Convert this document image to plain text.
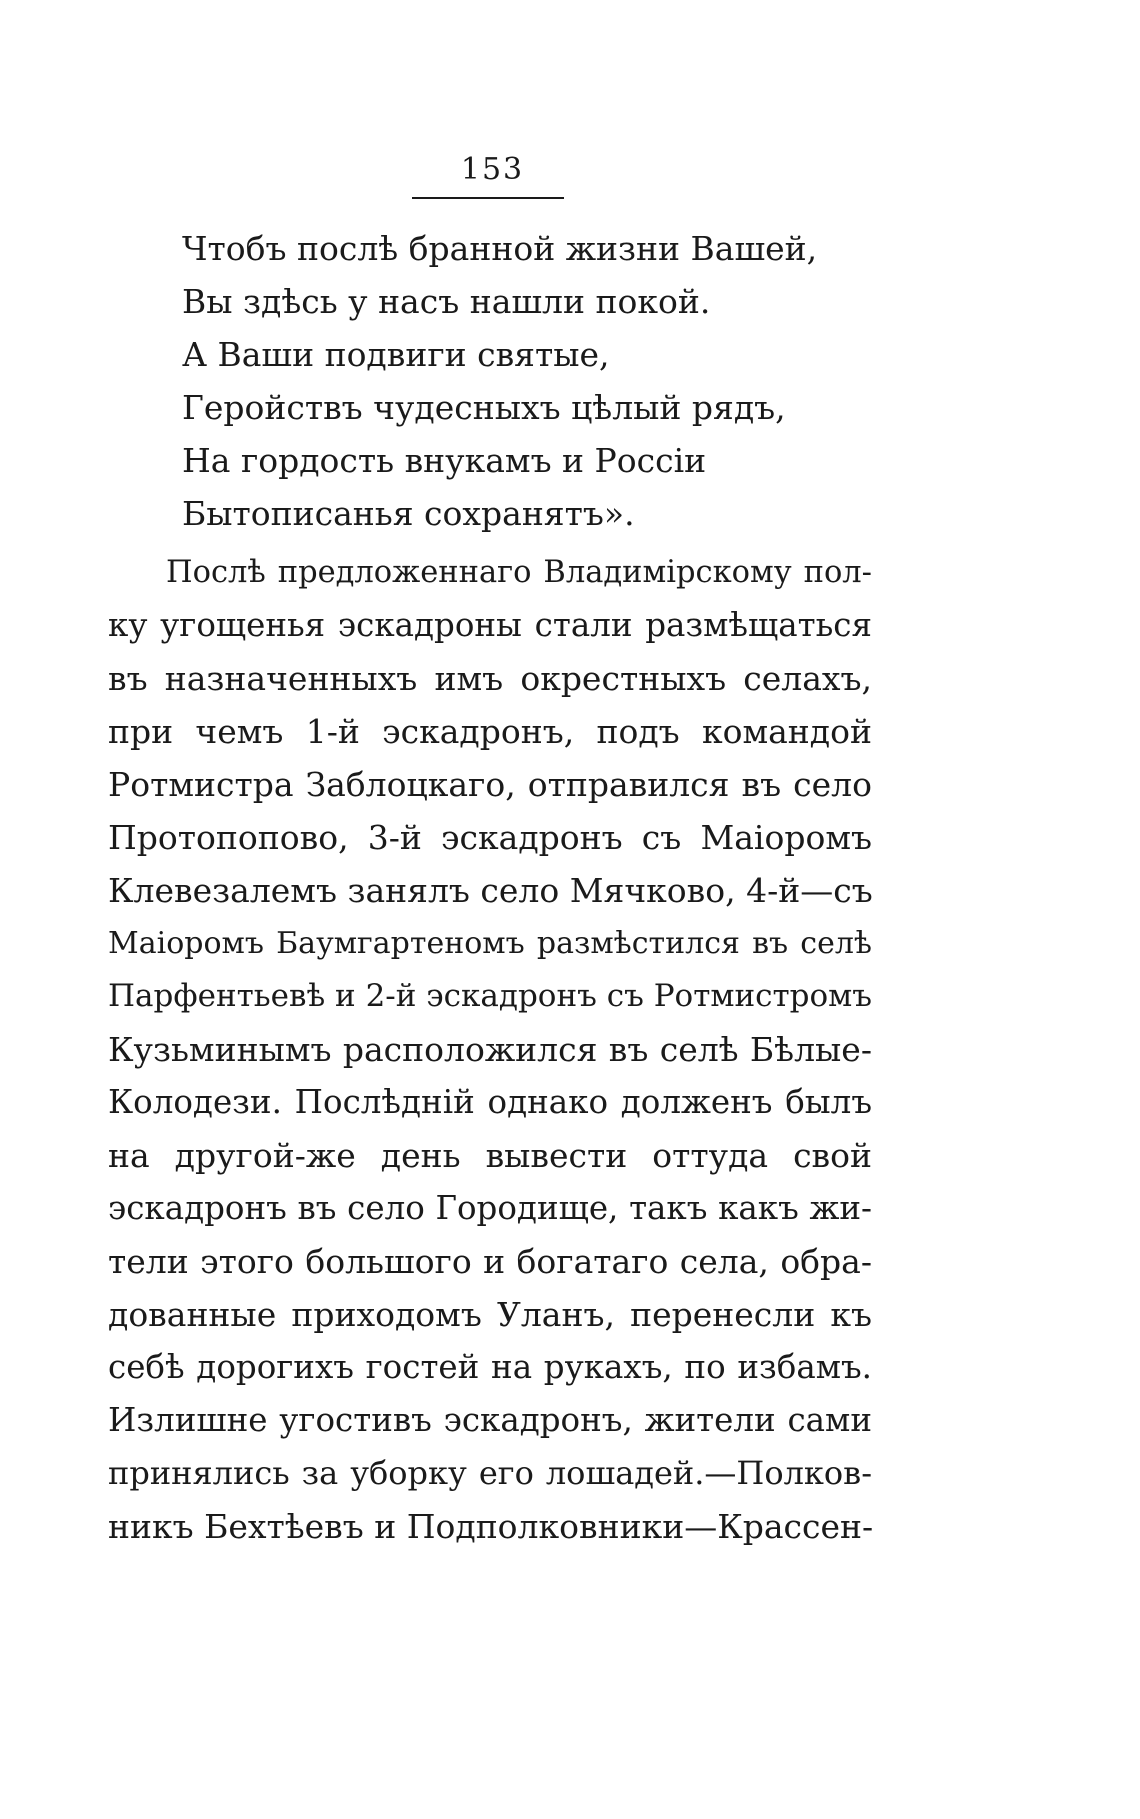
153
Чтобъ послѣ бранной жизни Вашей,
Вы здѣсь у насъ нашли покой.
А Ваши подвиги святые,
Геройствъ чудесныхъ цѣлый рядъ,
На гордость внукамъ и Россіи
Бытописанья сохранятъ».
Послѣ предложеннаго Владимірскому пол-
ку угощенья эскадроны стали размѣщаться
въ назначенныхъ имъ окрестныхъ селахъ,
при чемъ 1-й эскадронъ, подъ командой
Ротмистра Заблоцкаго, отправился въ село
Протопопово, 3-й эскадронъ съ Маіоромъ
Клевезалемъ занялъ село Мячково, 4-й—съ
Маіоромъ Баумгартеномъ размѣстился въ селѣ
Парфентьевѣ и 2-й эскадронъ съ Ротмистромъ
Кузьминымъ расположился въ селѣ Бѣлые-
Колодези. Послѣдній однако долженъ былъ
на другой-же день вывести оттуда свой
эскадронъ въ село Городище, такъ какъ жи-
тели этого большого и богатаго села, обра-
дованные приходомъ Уланъ, перенесли къ
себѣ дорогихъ гостей на рукахъ, по избамъ.
Излишне угостивъ эскадронъ, жители сами
принялись за уборку его лошадей.—Полков-
никъ Бехтѣевъ и Подполковники—Крассен-
